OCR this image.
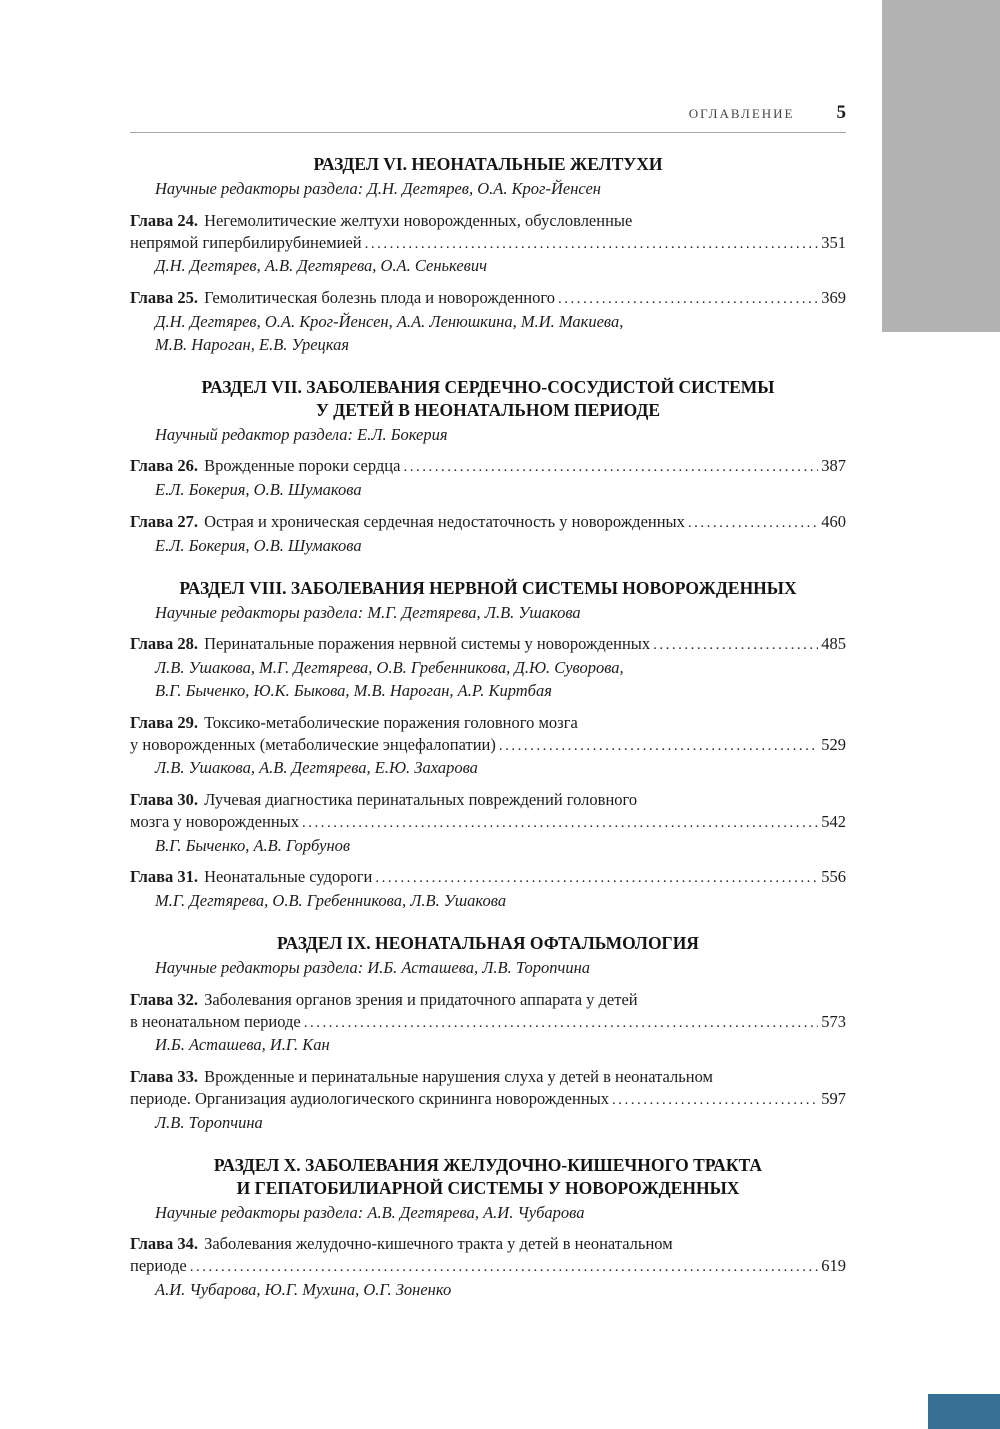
ОГЛАВЛЕНИЕ 5
РАЗДЕЛ VI. НЕОНАТАЛЬНЫЕ ЖЕЛТУХИ
Научные редакторы раздела: Д.Н. Дегтярев, О.А. Крог-Йенсен
Глава 24. Негемолитические желтухи новорожденных, обусловленные
непрямой гипербилирубинемией .....	351
Д.Н. Дегтярев, А.В. Дегтярева, О.А. Сенькевич
Глава 25. Гемолитическая болезнь плода и новорожденного .....	369
Д.Н. Дегтярев, О.А. Крог-Йенсен, А.А. Ленюшкина, М.И. Макиева,
М.В. Нароган, Е.В. Урецкая
РАЗДЕЛ VII. ЗАБОЛЕВАНИЯ СЕРДЕЧНО-СОСУДИСТОЙ СИСТЕМЫ
У ДЕТЕЙ В НЕОНАТАЛЬНОМ ПЕРИОДЕ
Научный редактор раздела: Е.Л. Бокерия
Глава 26. Врожденные пороки сердца .....	387
Е.Л. Бокерия, О.В. Шумакова
Глава 27. Острая и хроническая сердечная недостаточность у новорожденных .....	460
Е.Л. Бокерия, О.В. Шумакова
РАЗДЕЛ VIII. ЗАБОЛЕВАНИЯ НЕРВНОЙ СИСТЕМЫ НОВОРОЖДЕННЫХ
Научные редакторы раздела: М.Г. Дегтярева, Л.В. Ушакова
Глава 28. Перинатальные поражения нервной системы у новорожденных .....	485
Л.В. Ушакова, М.Г. Дегтярева, О.В. Гребенникова, Д.Ю. Суворова,
В.Г. Быченко, Ю.К. Быкова, М.В. Нароган, А.Р. Киртбая
Глава 29. Токсико-метаболические поражения головного мозга
у новорожденных (метаболические энцефалопатии) .....	529
Л.В. Ушакова, А.В. Дегтярева, Е.Ю. Захарова
Глава 30. Лучевая диагностика перинатальных повреждений головного
мозга у новорожденных .....	542
В.Г. Быченко, А.В. Горбунов
Глава 31. Неонатальные судороги .....	556
М.Г. Дегтярева, О.В. Гребенникова, Л.В. Ушакова
РАЗДЕЛ IX. НЕОНАТАЛЬНАЯ ОФТАЛЬМОЛОГИЯ
Научные редакторы раздела: И.Б. Асташева, Л.В. Торопчина
Глава 32. Заболевания органов зрения и придаточного аппарата у детей
в неонатальном периоде .....	573
И.Б. Асташева, И.Г. Кан
Глава 33. Врожденные и перинатальные нарушения слуха у детей в неонатальном
периоде. Организация аудиологического скрининга новорожденных .....	597
Л.В. Торопчина
РАЗДЕЛ X. ЗАБОЛЕВАНИЯ ЖЕЛУДОЧНО-КИШЕЧНОГО ТРАКТА
И ГЕПАТОБИЛИАРНОЙ СИСТЕМЫ У НОВОРОЖДЕННЫХ
Научные редакторы раздела: А.В. Дегтярева, А.И. Чубарова
Глава 34. Заболевания желудочно-кишечного тракта у детей в неонатальном
периоде .....	619
А.И. Чубарова, Ю.Г. Мухина, О.Г. Зоненко
